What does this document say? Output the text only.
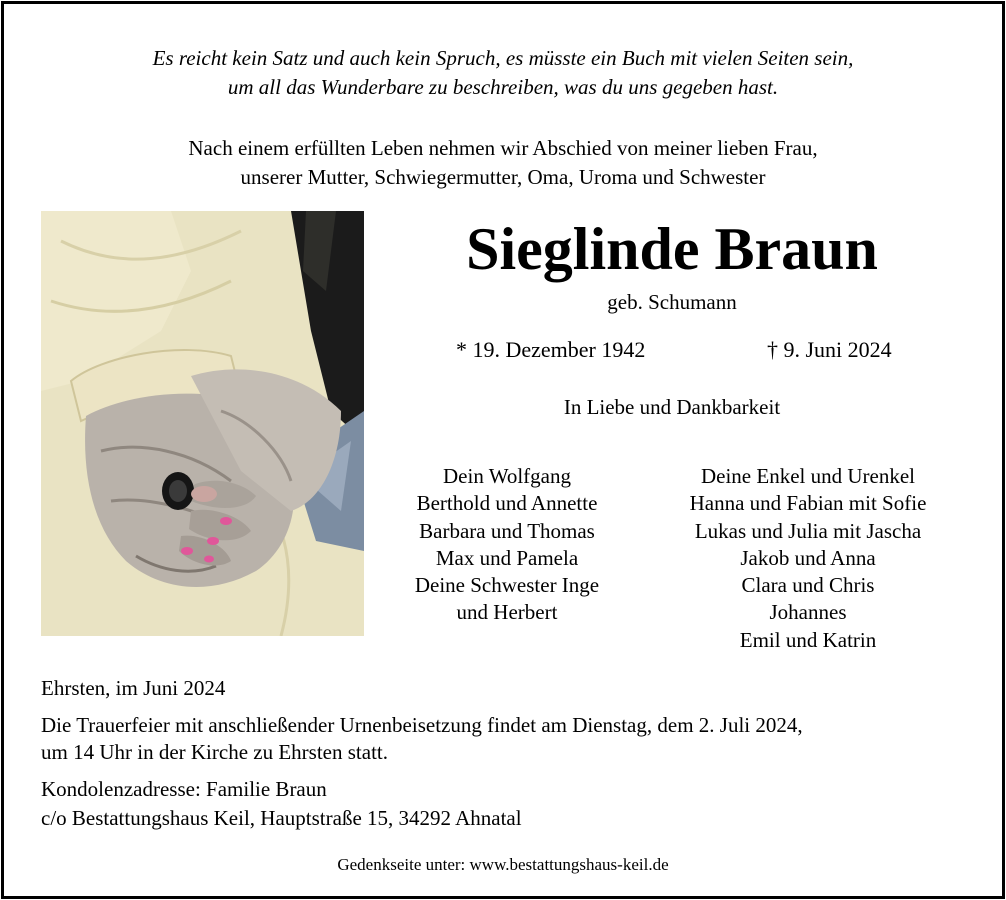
Es reicht kein Satz und auch kein Spruch, es müsste ein Buch mit vielen Seiten sein,
um all das Wunderbare zu beschreiben, was du uns gegeben hast.
Nach einem erfüllten Leben nehmen wir Abschied von meiner lieben Frau,
unserer Mutter, Schwiegermutter, Oma, Uroma und Schwester
Sieglinde Braun
geb. Schumann
* 19. Dezember 1942	† 9. Juni 2024
In Liebe und Dankbarkeit
Dein Wolfgang
Berthold und Annette
Barbara und Thomas
Max und Pamela
Deine Schwester Inge
und Herbert
Deine Enkel und Urenkel
Hanna und Fabian mit Sofie
Lukas und Julia mit Jascha
Jakob und Anna
Clara und Chris
Johannes
Emil und Katrin
Ehrsten, im Juni 2024
Die Trauerfeier mit anschließender Urnenbeisetzung findet am Dienstag, dem 2. Juli 2024,
um 14 Uhr in der Kirche zu Ehrsten statt.
Kondolenzadresse: Familie Braun
c/o Bestattungshaus Keil, Hauptstraße 15, 34292 Ahnatal
Gedenkseite unter: www.bestattungshaus-keil.de
